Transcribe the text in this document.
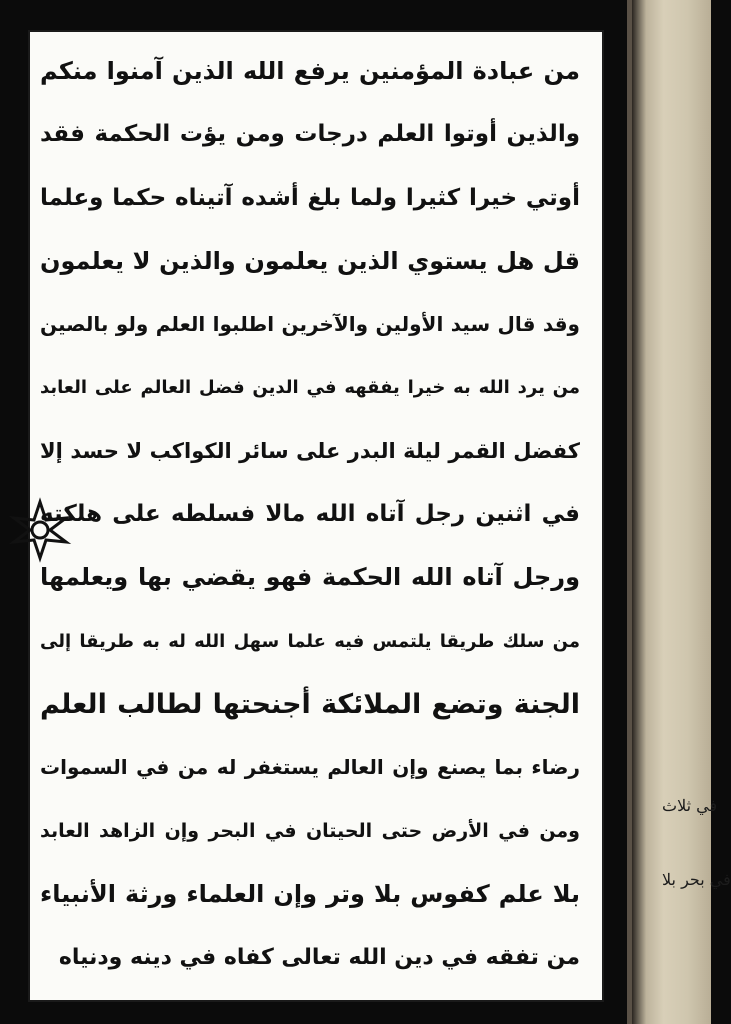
في ثلاث
في بحر بلا
من عبادة المؤمنين يرفع الله الذين آمنوا منكم
والذين أوتوا العلم درجات ومن يؤت الحكمة فقد
أوتي خيرا كثيرا ولما بلغ أشده آتيناه حكما وعلما
قل هل يستوي الذين يعلمون والذين لا يعلمون
وقد قال سيد الأولين والآخرين اطلبوا العلم ولو بالصين
من يرد الله به خيرا يفقهه في الدين فضل العالم على العابد
كفضل القمر ليلة البدر على سائر الكواكب لا حسد إلا
في اثنين رجل آتاه الله مالا فسلطه على هلكته
ورجل آتاه الله الحكمة فهو يقضي بها ويعلمها
من سلك طريقا يلتمس فيه علما سهل الله له به طريقا إلى
الجنة وتضع الملائكة أجنحتها لطالب العلم
رضاء بما يصنع وإن العالم يستغفر له من في السموات
ومن في الأرض حتى الحيتان في البحر وإن الزاهد العابد
بلا علم كفوس بلا وتر وإن العلماء ورثة الأنبياء
من تفقه في دين الله تعالى كفاه في دينه ودنياه
